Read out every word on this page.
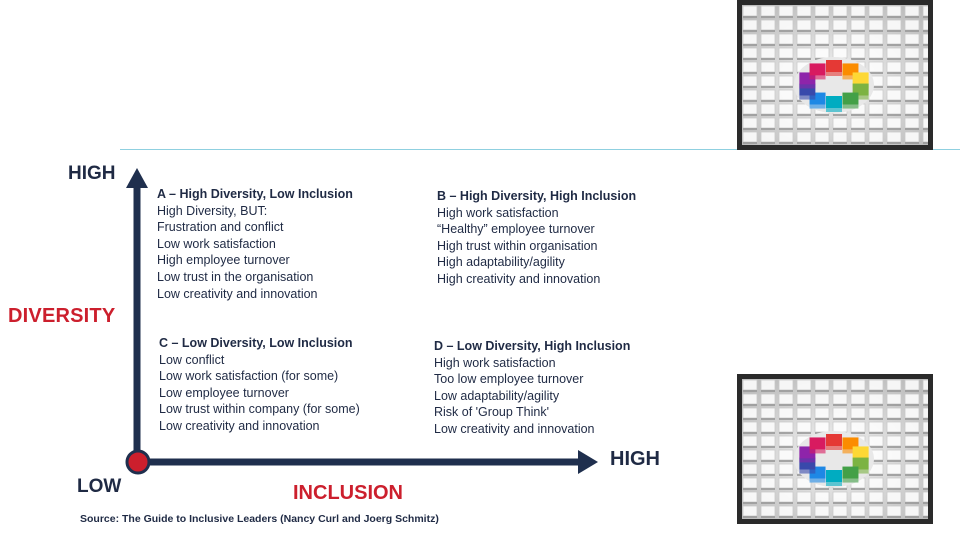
HIGH
DIVERSITY
LOW
HIGH
INCLUSION
A – High Diversity, Low Inclusion
High Diversity, BUT:
Frustration and conflict
Low work satisfaction
High employee turnover
Low trust in the organisation
Low creativity and innovation
B – High Diversity, High Inclusion
High work satisfaction
“Healthy” employee turnover
High trust within organisation
High adaptability/agility
High creativity and innovation
C – Low Diversity, Low Inclusion
Low conflict
Low work satisfaction (for some)
Low employee turnover
Low trust within company (for some)
Low creativity and innovation
D – Low Diversity, High Inclusion
High work satisfaction
Too low employee turnover
Low adaptability/agility
Risk of 'Group Think'
Low creativity and innovation
Source: The Guide to Inclusive Leaders (Nancy Curl and Joerg Schmitz)
